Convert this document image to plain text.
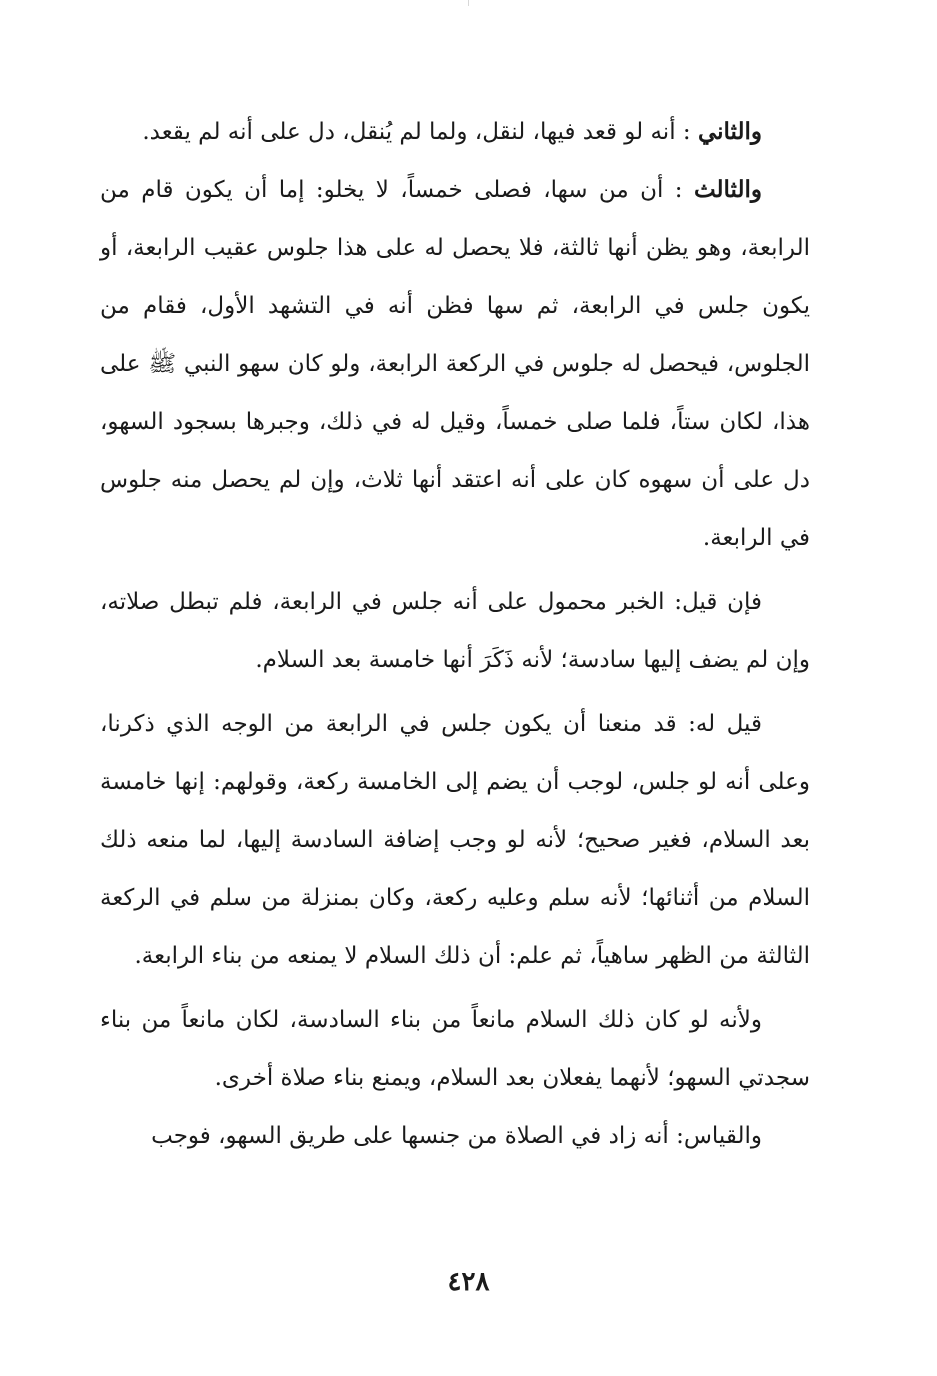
والثاني : أنه لو قعد فيها، لنقل، ولما لم يُنقل، دل على أنه لم يقعد.

والثالث : أن من سها، فصلى خمساً، لا يخلو: إما أن يكون قام من الرابعة، وهو يظن أنها ثالثة، فلا يحصل له على هذا جلوس عقيب الرابعة، أو يكون جلس في الرابعة، ثم سها فظن أنه في التشهد الأول، فقام من الجلوس، فيحصل له جلوس في الركعة الرابعة، ولو كان سهو النبي ﷺ على هذا، لكان ستاً، فلما صلى خمساً، وقيل له في ذلك، وجبرها بسجود السهو، دل على أن سهوه كان على أنه اعتقد أنها ثلاث، وإن لم يحصل منه جلوس في الرابعة.

فإن قيل: الخبر محمول على أنه جلس في الرابعة، فلم تبطل صلاته، وإن لم يضف إليها سادسة؛ لأنه ذَكَرَ أنها خامسة بعد السلام.

قيل له: قد منعنا أن يكون جلس في الرابعة من الوجه الذي ذكرنا، وعلى أنه لو جلس، لوجب أن يضم إلى الخامسة ركعة، وقولهم: إنها خامسة بعد السلام، فغير صحيح؛ لأنه لو وجب إضافة السادسة إليها، لما منعه ذلك السلام من أثنائها؛ لأنه سلم وعليه ركعة، وكان بمنزلة من سلم في الركعة الثالثة من الظهر ساهياً، ثم علم: أن ذلك السلام لا يمنعه من بناء الرابعة.

ولأنه لو كان ذلك السلام مانعاً من بناء السادسة، لكان مانعاً من بناء سجدتي السهو؛ لأنهما يفعلان بعد السلام، ويمنع بناء صلاة أخرى.

والقياس: أنه زاد في الصلاة من جنسها على طريق السهو، فوجب

٤٢٨
